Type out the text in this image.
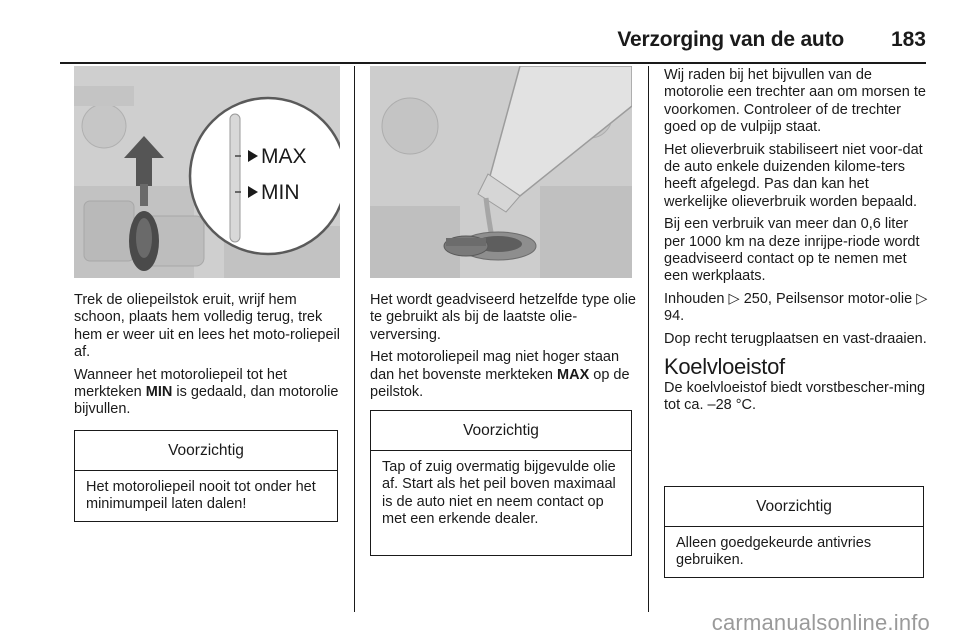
Verzorging van de auto 183
MAX
MIN

Trek de oliepeilstok eruit, wrijf hem schoon, plaats hem volledig terug, trek hem er weer uit en lees het moto‐roliepeil af.

Wanneer het motoroliepeil tot het merkteken MIN is gedaald, dan motorolie bijvullen.

Voorzichtig
Het motoroliepeil nooit tot onder het minimumpeil laten dalen!

Het wordt geadviseerd hetzelfde type olie te gebruikt als bij de laatste olie‐verversing.

Het motoroliepeil mag niet hoger staan dan het bovenste merkteken MAX op de peilstok.

Voorzichtig
Tap of zuig overmatig bijgevulde olie af. Start als het peil boven maximaal is de auto niet en neem contact op met een erkende dealer.

Wij raden bij het bijvullen van de motorolie een trechter aan om morsen te voorkomen. Controleer of de trechter goed op de vulpijp staat.

Het olieverbruik stabiliseert niet voor‐dat de auto enkele duizenden kilome‐ters heeft afgelegd. Pas dan kan het werkelijke olieverbruik worden bepaald.

Bij een verbruik van meer dan 0,6 liter per 1000 km na deze inrijpe‐riode wordt geadviseerd contact op te nemen met een werkplaats.

Inhouden ▷ 250, Peilsensor motor‐olie ▷ 94.

Dop recht terugplaatsen en vast‐draaien.

Koelvloeistof

De koelvloeistof biedt vorstbescher‐ming tot ca. –28 °C.

Voorzichtig
Alleen goedgekeurde antivries gebruiken.
carmanualsonline.info
